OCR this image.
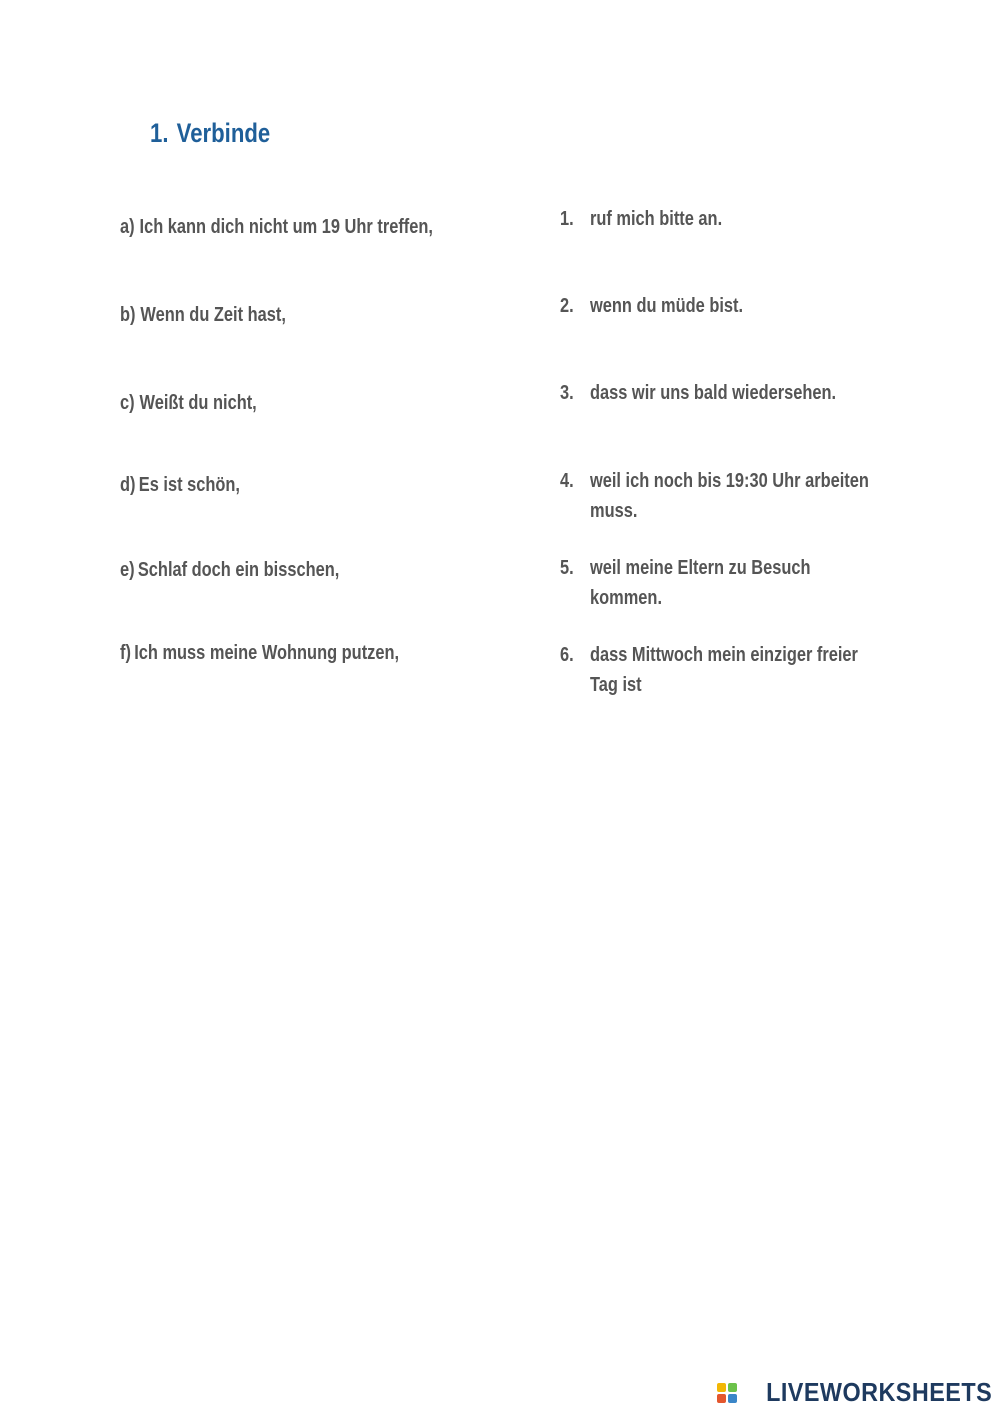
1. Verbinde
a) Ich kann dich nicht um 19 Uhr treffen,
b) Wenn du Zeit hast,
c) Weißt du nicht,
d) Es ist schön,
e) Schlaf doch ein bisschen,
f) Ich muss meine Wohnung putzen,
1. ruf mich bitte an.
2. wenn du müde bist.
3. dass wir uns bald wiedersehen.
4. weil ich noch bis 19:30 Uhr arbeiten muss.
5. weil meine Eltern zu Besuch kommen.
6. dass Mittwoch mein einziger freier Tag ist
LIVEWORKSHEETS
